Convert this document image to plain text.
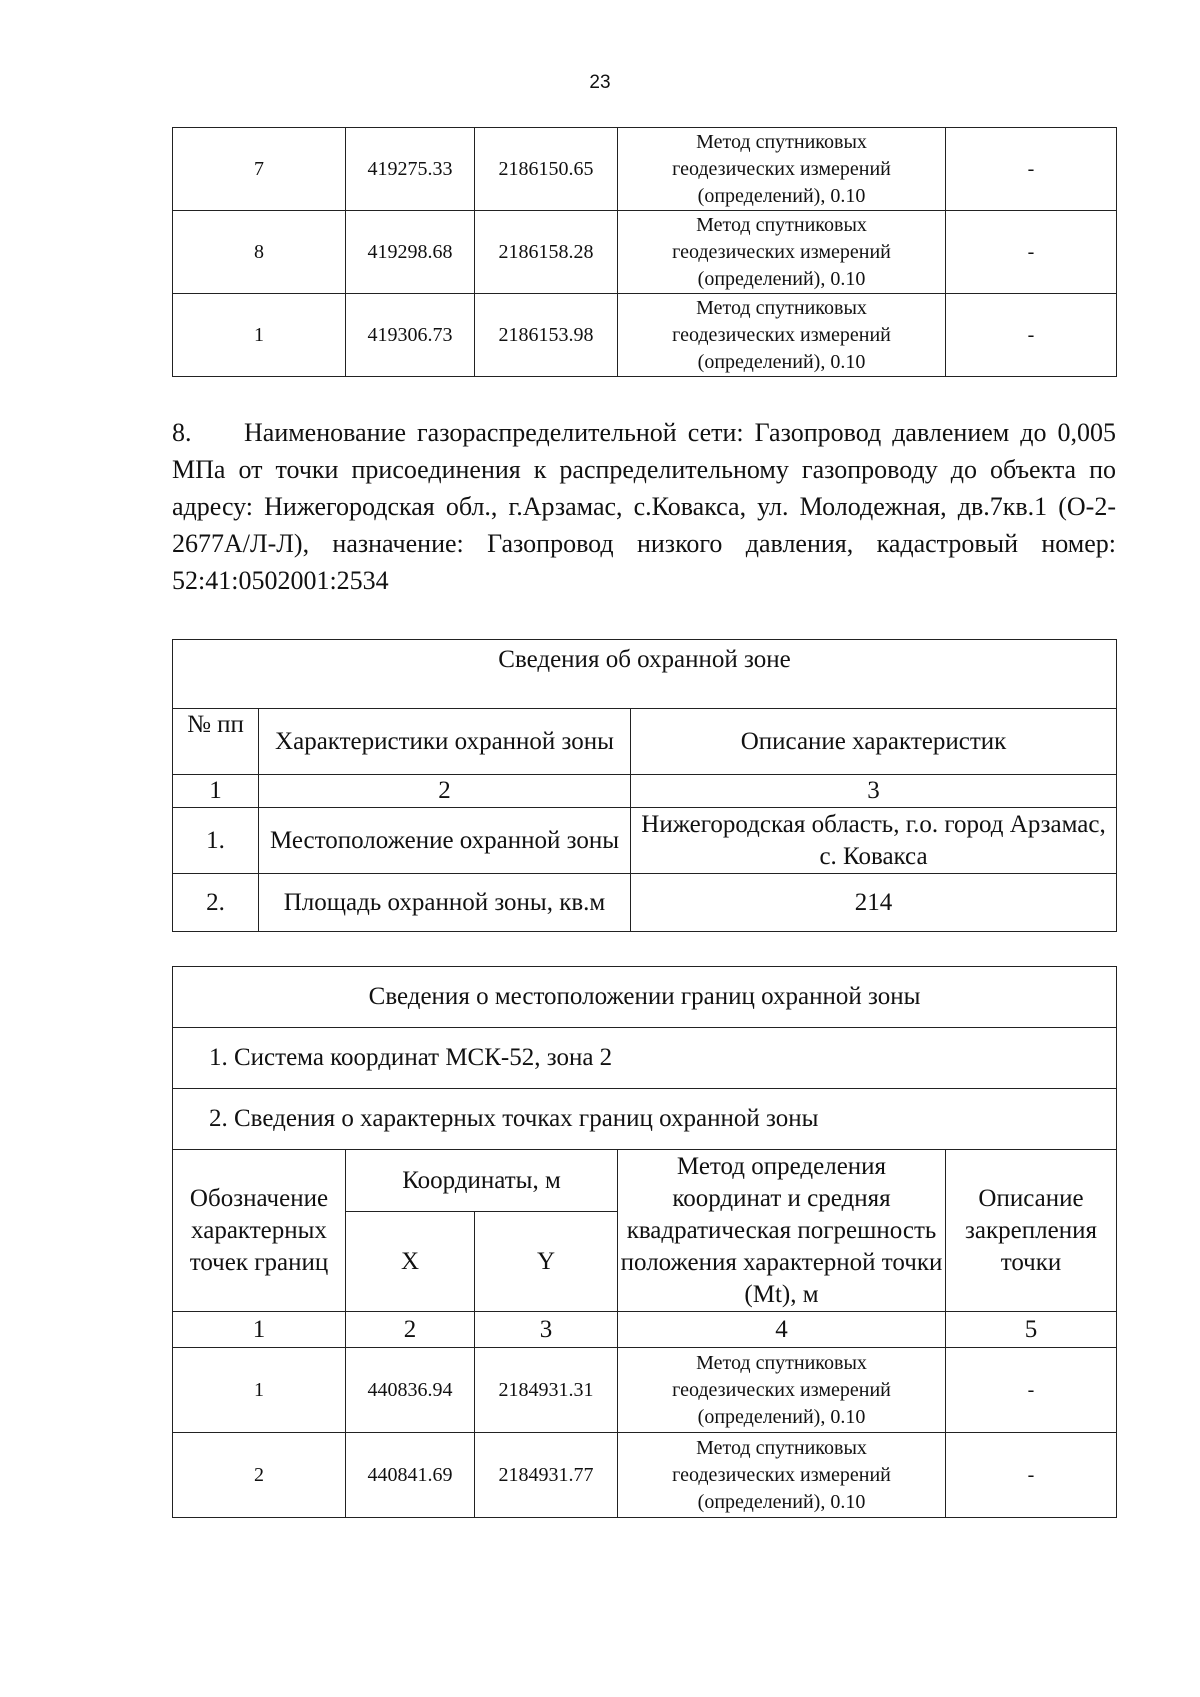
23
7	419275.33	2186150.65	Метод спутниковых
геодезических измерений
(определений), 0.10	-
8	419298.68	2186158.28	Метод спутниковых
геодезических измерений
(определений), 0.10	-
1	419306.73	2186153.98	Метод спутниковых
геодезических измерений
(определений), 0.10	-

8. Наименование газораспределительной сети: Газопровод давлением до 0,005 МПа от точки присоединения к распределительному газопроводу до объекта по адресу: Нижегородская обл., г.Арзамас, с.Ковакса, ул. Молодежная, дв.7кв.1 (О-2-2677А/Л-Л), назначение: Газопровод низкого давления, кадастровый номер: 52:41:0502001:2534

Сведения об охранной зоне		
№ пп	Характеристики охранной зоны	Описание характеристик
1	2	3
1.	Местоположение охранной зоны	Нижегородская область, г.о. город Арзамас, с. Ковакса
2.	Площадь охранной зоны, кв.м	214
Сведения о местоположении границ охранной зоны				
1. Система координат МСК-52, зона 2				
2. Сведения о характерных точках границ охранной зоны				
Обозначение характерных точек границ	Координаты, м		Метод определения координат и средняя квадратическая погрешность положения характерной точки (Mt), м	Описание закрепления точки
	X	Y		
1	2	3	4	5
1	440836.94	2184931.31	Метод спутниковых
геодезических измерений
(определений), 0.10	-
2	440841.69	2184931.77	Метод спутниковых
геодезических измерений
(определений), 0.10	-
